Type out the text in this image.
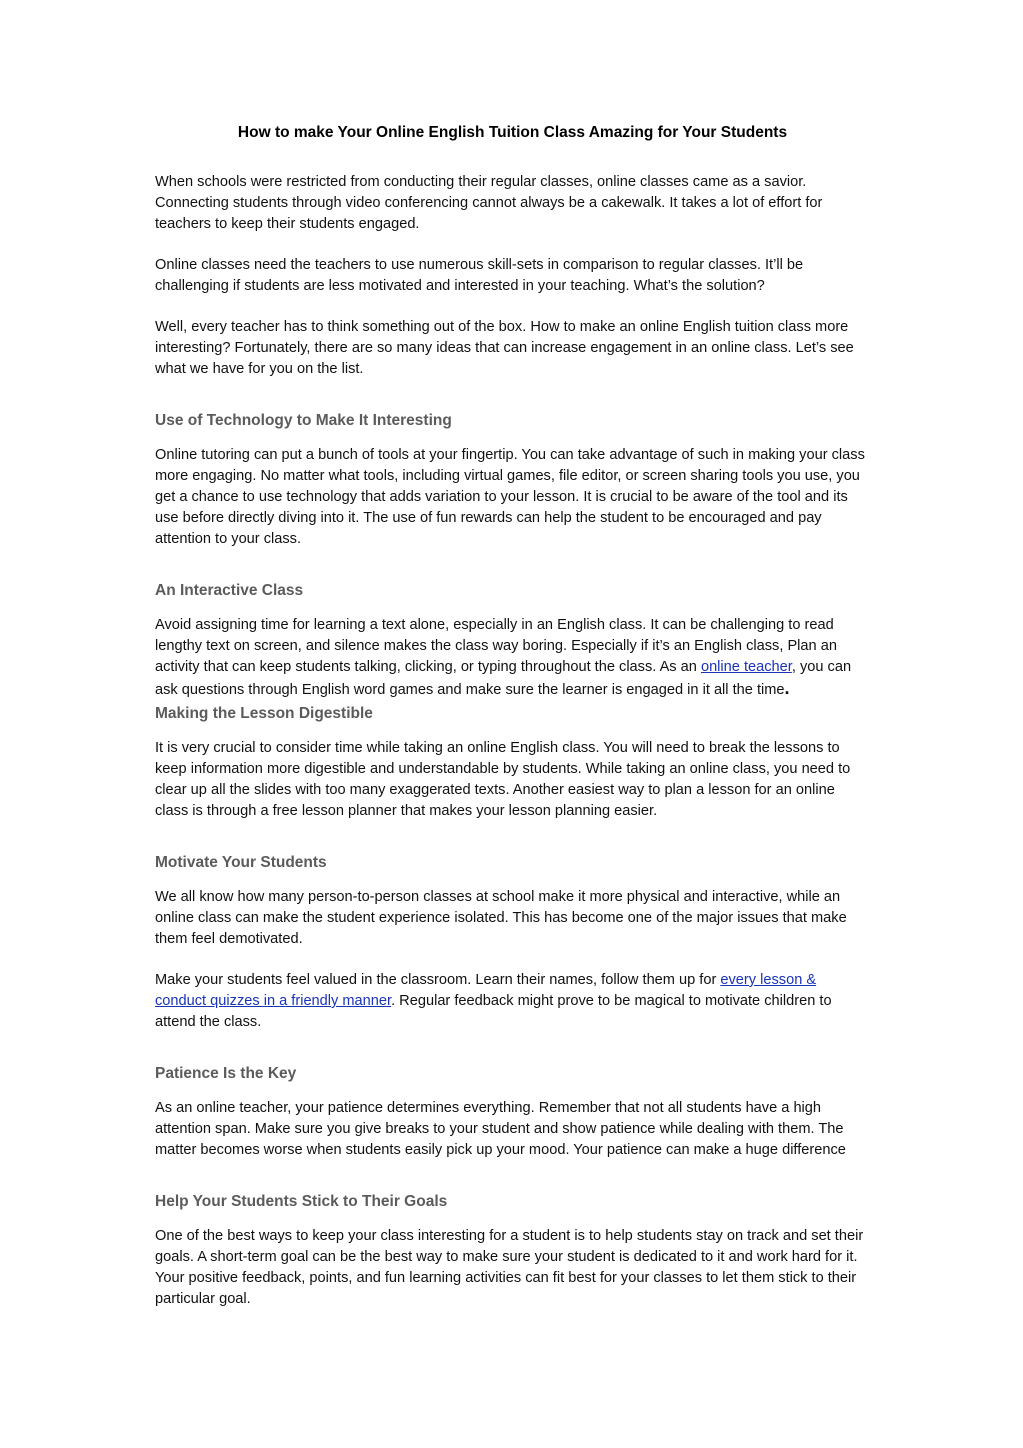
How to make Your Online English Tuition Class Amazing for Your Students

When schools were restricted from conducting their regular classes, online classes came as a savior. Connecting students through video conferencing cannot always be a cakewalk. It takes a lot of effort for teachers to keep their students engaged.

Online classes need the teachers to use numerous skill-sets in comparison to regular classes. It’ll be challenging if students are less motivated and interested in your teaching. What’s the solution?

Well, every teacher has to think something out of the box. How to make an online English tuition class more interesting? Fortunately, there are so many ideas that can increase engagement in an online class. Let’s see what we have for you on the list.

Use of Technology to Make It Interesting

Online tutoring can put a bunch of tools at your fingertip. You can take advantage of such in making your class more engaging. No matter what tools, including virtual games, file editor, or screen sharing tools you use, you get a chance to use technology that adds variation to your lesson. It is crucial to be aware of the tool and its use before directly diving into it. The use of fun rewards can help the student to be encouraged and pay attention to your class.

An Interactive Class

Avoid assigning time for learning a text alone, especially in an English class. It can be challenging to read lengthy text on screen, and silence makes the class way boring. Especially if it’s an English class, Plan an activity that can keep students talking, clicking, or typing throughout the class. As an online teacher, you can ask questions through English word games and make sure the learner is engaged in it all the time.

Making the Lesson Digestible

It is very crucial to consider time while taking an online English class. You will need to break the lessons to keep information more digestible and understandable by students. While taking an online class, you need to clear up all the slides with too many exaggerated texts. Another easiest way to plan a lesson for an online class is through a free lesson planner that makes your lesson planning easier.

Motivate Your Students

We all know how many person-to-person classes at school make it more physical and interactive, while an online class can make the student experience isolated. This has become one of the major issues that make them feel demotivated.

Make your students feel valued in the classroom. Learn their names, follow them up for every lesson & conduct quizzes in a friendly manner. Regular feedback might prove to be magical to motivate children to attend the class.

Patience Is the Key

As an online teacher, your patience determines everything. Remember that not all students have a high attention span. Make sure you give breaks to your student and show patience while dealing with them. The matter becomes worse when students easily pick up your mood. Your patience can make a huge difference

Help Your Students Stick to Their Goals

One of the best ways to keep your class interesting for a student is to help students stay on track and set their goals. A short-term goal can be the best way to make sure your student is dedicated to it and work hard for it. Your positive feedback, points, and fun learning activities can fit best for your classes to let them stick to their particular goal.
